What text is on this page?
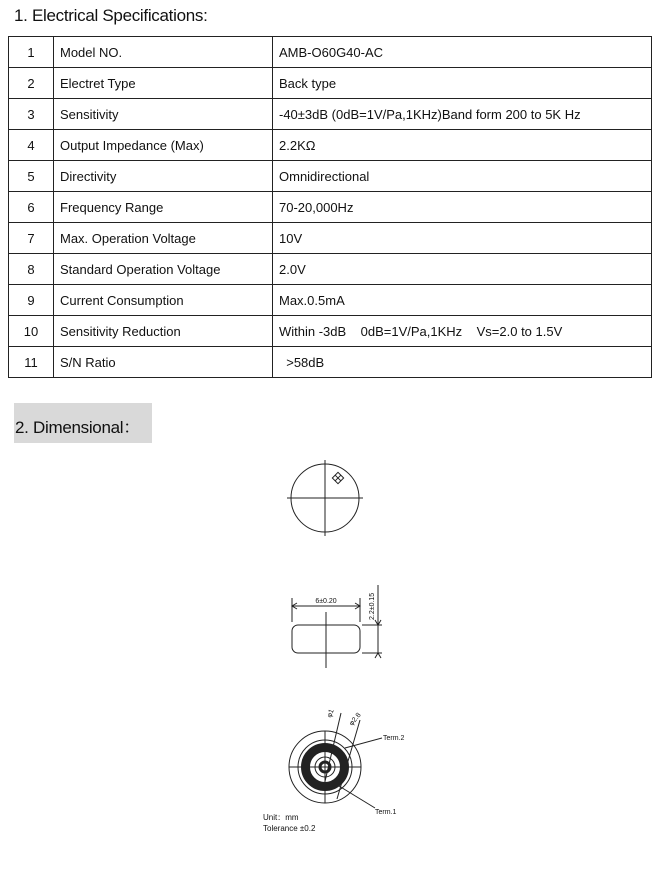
1. Electrical Specifications:
1	Model NO.	AMB-O60G40-AC
2	Electret Type	Back type
3	Sensitivity	-40±3dB (0dB=1V/Pa,1KHz)Band form 200 to 5K Hz
4	Output Impedance (Max)	2.2KΩ
5	Directivity	Omnidirectional
6	Frequency Range	70-20,000Hz
7	Max. Operation Voltage	10V
8	Standard Operation Voltage	2.0V
9	Current Consumption	Max.0.5mA
10	Sensitivity Reduction	Within -3dB    0dB=1V/Pa,1KHz    Vs=2.0 to 1.5V
11	S/N Ratio	>58dB
2. Dimensional：
6±0.20	2.2±0.15
φ1 φ2.8
Term.2
Term.1
Unit：mm
Tolerance ±0.2
